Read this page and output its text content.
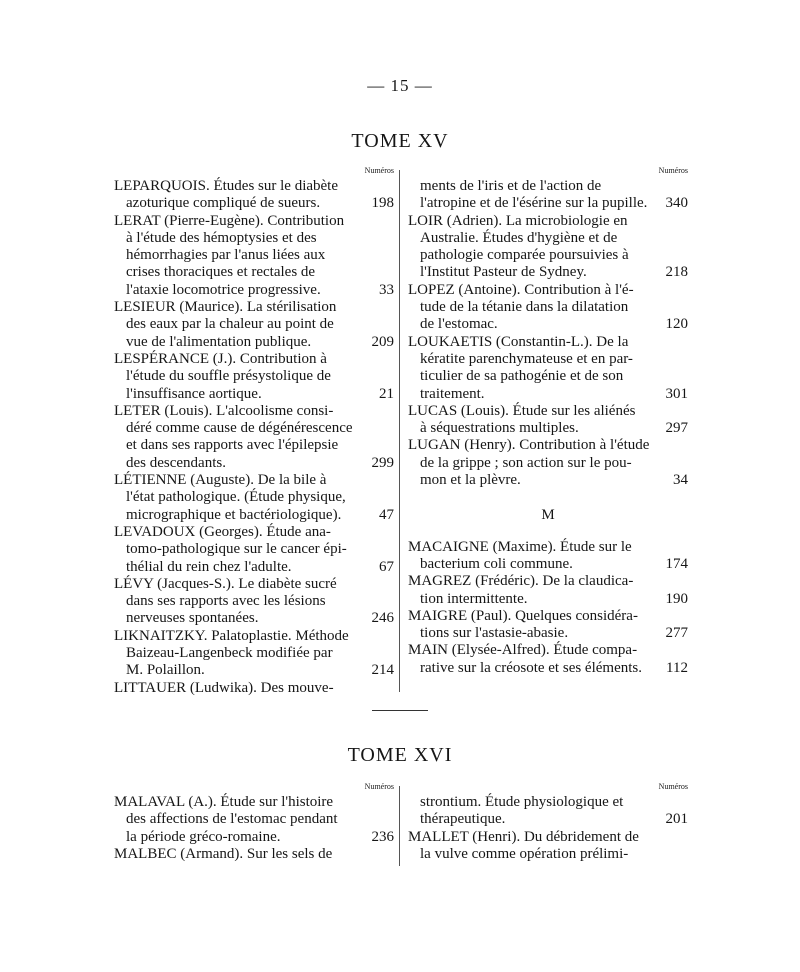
— 15 —
TOME XV
Numéros	Numéros
LEPARQUOIS. Études sur le diabète
azoturique compliqué de sueurs.	198
LERAT (Pierre-Eugène). Contribution
à l'étude des hémoptysies et des
hémorrhagies par l'anus liées aux
crises thoraciques et rectales de
l'ataxie locomotrice progressive.	33
LESIEUR (Maurice). La stérilisation
des eaux par la chaleur au point de
vue de l'alimentation publique.	209
LESPÉRANCE (J.). Contribution à
l'étude du souffle présystolique de
l'insuffisance aortique.	21
LETER (Louis). L'alcoolisme consi-
déré comme cause de dégénérescence
et dans ses rapports avec l'épilepsie
des descendants.	299
LÉTIENNE (Auguste). De la bile à
l'état pathologique. (Étude physique,
micrographique et bactériologique).	47
LEVADOUX (Georges). Étude ana-
tomo-pathologique sur le cancer épi-
thélial du rein chez l'adulte.	67
LÉVY (Jacques-S.). Le diabète sucré
dans ses rapports avec les lésions
nerveuses spontanées.	246
LIKNAITZKY. Palatoplastie. Méthode
Baizeau-Langenbeck modifiée par
M. Polaillon.	214
LITTAUER (Ludwika). Des mouve-
ments de l'iris et de l'action de
l'atropine et de l'ésérine sur la pupille.	340
LOIR (Adrien). La microbiologie en
Australie. Études d'hygiène et de
pathologie comparée poursuivies à
l'Institut Pasteur de Sydney.	218
LOPEZ (Antoine). Contribution à l'é-
tude de la tétanie dans la dilatation
de l'estomac.	120
LOUKAETIS (Constantin-L.). De la
kératite parenchymateuse et en par-
ticulier de sa pathogénie et de son
traitement.	301
LUCAS (Louis). Étude sur les aliénés
à séquestrations multiples.	297
LUGAN (Henry). Contribution à l'étude
de la grippe ; son action sur le pou-
mon et la plèvre.	34
M
MACAIGNE (Maxime). Étude sur le
bacterium coli commune.	174
MAGREZ (Frédéric). De la claudica-
tion intermittente.	190
MAIGRE (Paul). Quelques considéra-
tions sur l'astasie-abasie.	277
MAIN (Elysée-Alfred). Étude compa-
rative sur la créosote et ses éléments.	112
TOME XVI
Numéros	Numéros
MALAVAL (A.). Étude sur l'histoire
des affections de l'estomac pendant
la période gréco-romaine.	236
MALBEC (Armand). Sur les sels de
strontium. Étude physiologique et
thérapeutique.	201
MALLET (Henri). Du débridement de
la vulve comme opération prélimi-
